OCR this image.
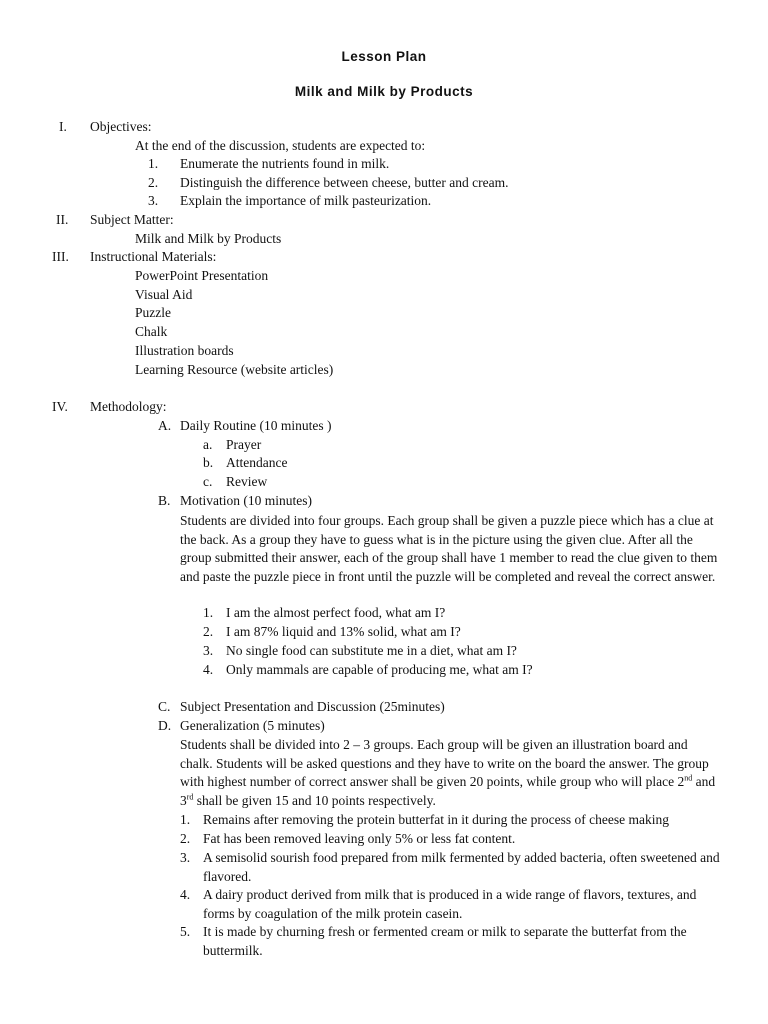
Lesson Plan
Milk and Milk by Products
I. Objectives:
At the end of the discussion, students are expected to:
1. Enumerate the nutrients found in milk.
2. Distinguish the difference between cheese, butter and cream.
3. Explain the importance of milk pasteurization.
II. Subject Matter:
Milk and Milk by Products
III. Instructional Materials:
PowerPoint Presentation
Visual Aid
Puzzle
Chalk
Illustration boards
Learning Resource (website articles)
IV. Methodology:
A. Daily Routine (10 minutes )
a. Prayer
b. Attendance
c. Review
B. Motivation (10 minutes)
Students are divided into four groups. Each group shall be given a puzzle piece which has a clue at the back. As a group they have to guess what is in the picture using the given clue. After all the group submitted their answer, each of the group shall have 1 member to read the clue given to them and paste the puzzle piece in front until the puzzle will be completed and reveal the correct answer.
1. I am the almost perfect food, what am I?
2. I am 87% liquid and 13% solid, what am I?
3. No single food can substitute me in a diet, what am I?
4. Only mammals are capable of producing me, what am I?
C. Subject Presentation and Discussion (25minutes)
D. Generalization (5 minutes)
Students shall be divided into 2 – 3 groups. Each group will be given an illustration board and chalk. Students will be asked questions and they have to write on the board the answer. The group with highest number of correct answer shall be given 20 points, while group who will place 2nd and 3rd shall be given 15 and 10 points respectively.
1. Remains after removing the protein butterfat in it during the process of cheese making
2. Fat has been removed leaving only 5% or less fat content.
3. A semisolid sourish food prepared from milk fermented by added bacteria, often sweetened and flavored.
4. A dairy product derived from milk that is produced in a wide range of flavors, textures, and forms by coagulation of the milk protein casein.
5. It is made by churning fresh or fermented cream or milk to separate the butterfat from the buttermilk.
